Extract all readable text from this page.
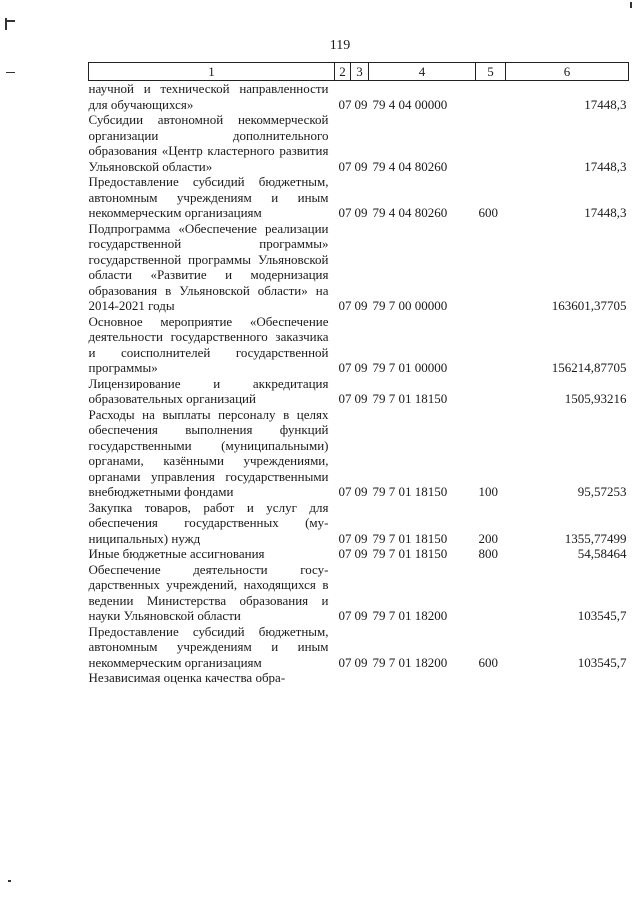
119
1	2	3	4	5	6
научной и технической направленности для обучающихся»	07	09	79 4 04 00000		17448,3
Субсидии автономной некоммерческой организации дополнительного образования «Центр кластерного развития Ульяновской области»	07	09	79 4 04 80260		17448,3
Предоставление субсидий бюджетным, автономным учреждениям и иным некоммерческим организациям	07	09	79 4 04 80260	600	17448,3
Подпрограмма «Обеспечение реализации государственной программы» государственной программы Ульяновской области «Развитие и модернизация образования в Ульяновской области» на 2014-2021 годы	07	09	79 7 00 00000		163601,37705
Основное мероприятие «Обеспечение деятельности государственного заказчика и соисполнителей государственной программы»	07	09	79 7 01 00000		156214,87705
Лицензирование и аккредитация образовательных организаций	07	09	79 7 01 18150		1505,93216
Расходы на выплаты персоналу в целях обеспечения выполнения функций государственными (муниципальными) органами, казёнными учреждениями, органами управления государственными внебюджетными фондами	07	09	79 7 01 18150	100	95,57253
Закупка товаров, работ и услуг для обеспечения государственных (муниципальных) нужд	07	09	79 7 01 18150	200	1355,77499
Иные бюджетные ассигнования	07	09	79 7 01 18150	800	54,58464
Обеспечение деятельности государственных учреждений, находящихся в ведении Министерства образования и науки Ульяновской области	07	09	79 7 01 18200		103545,7
Предоставление субсидий бюджетным, автономным учреждениям и иным некоммерческим организациям	07	09	79 7 01 18200	600	103545,7
Независимая оценка качества обра-					
